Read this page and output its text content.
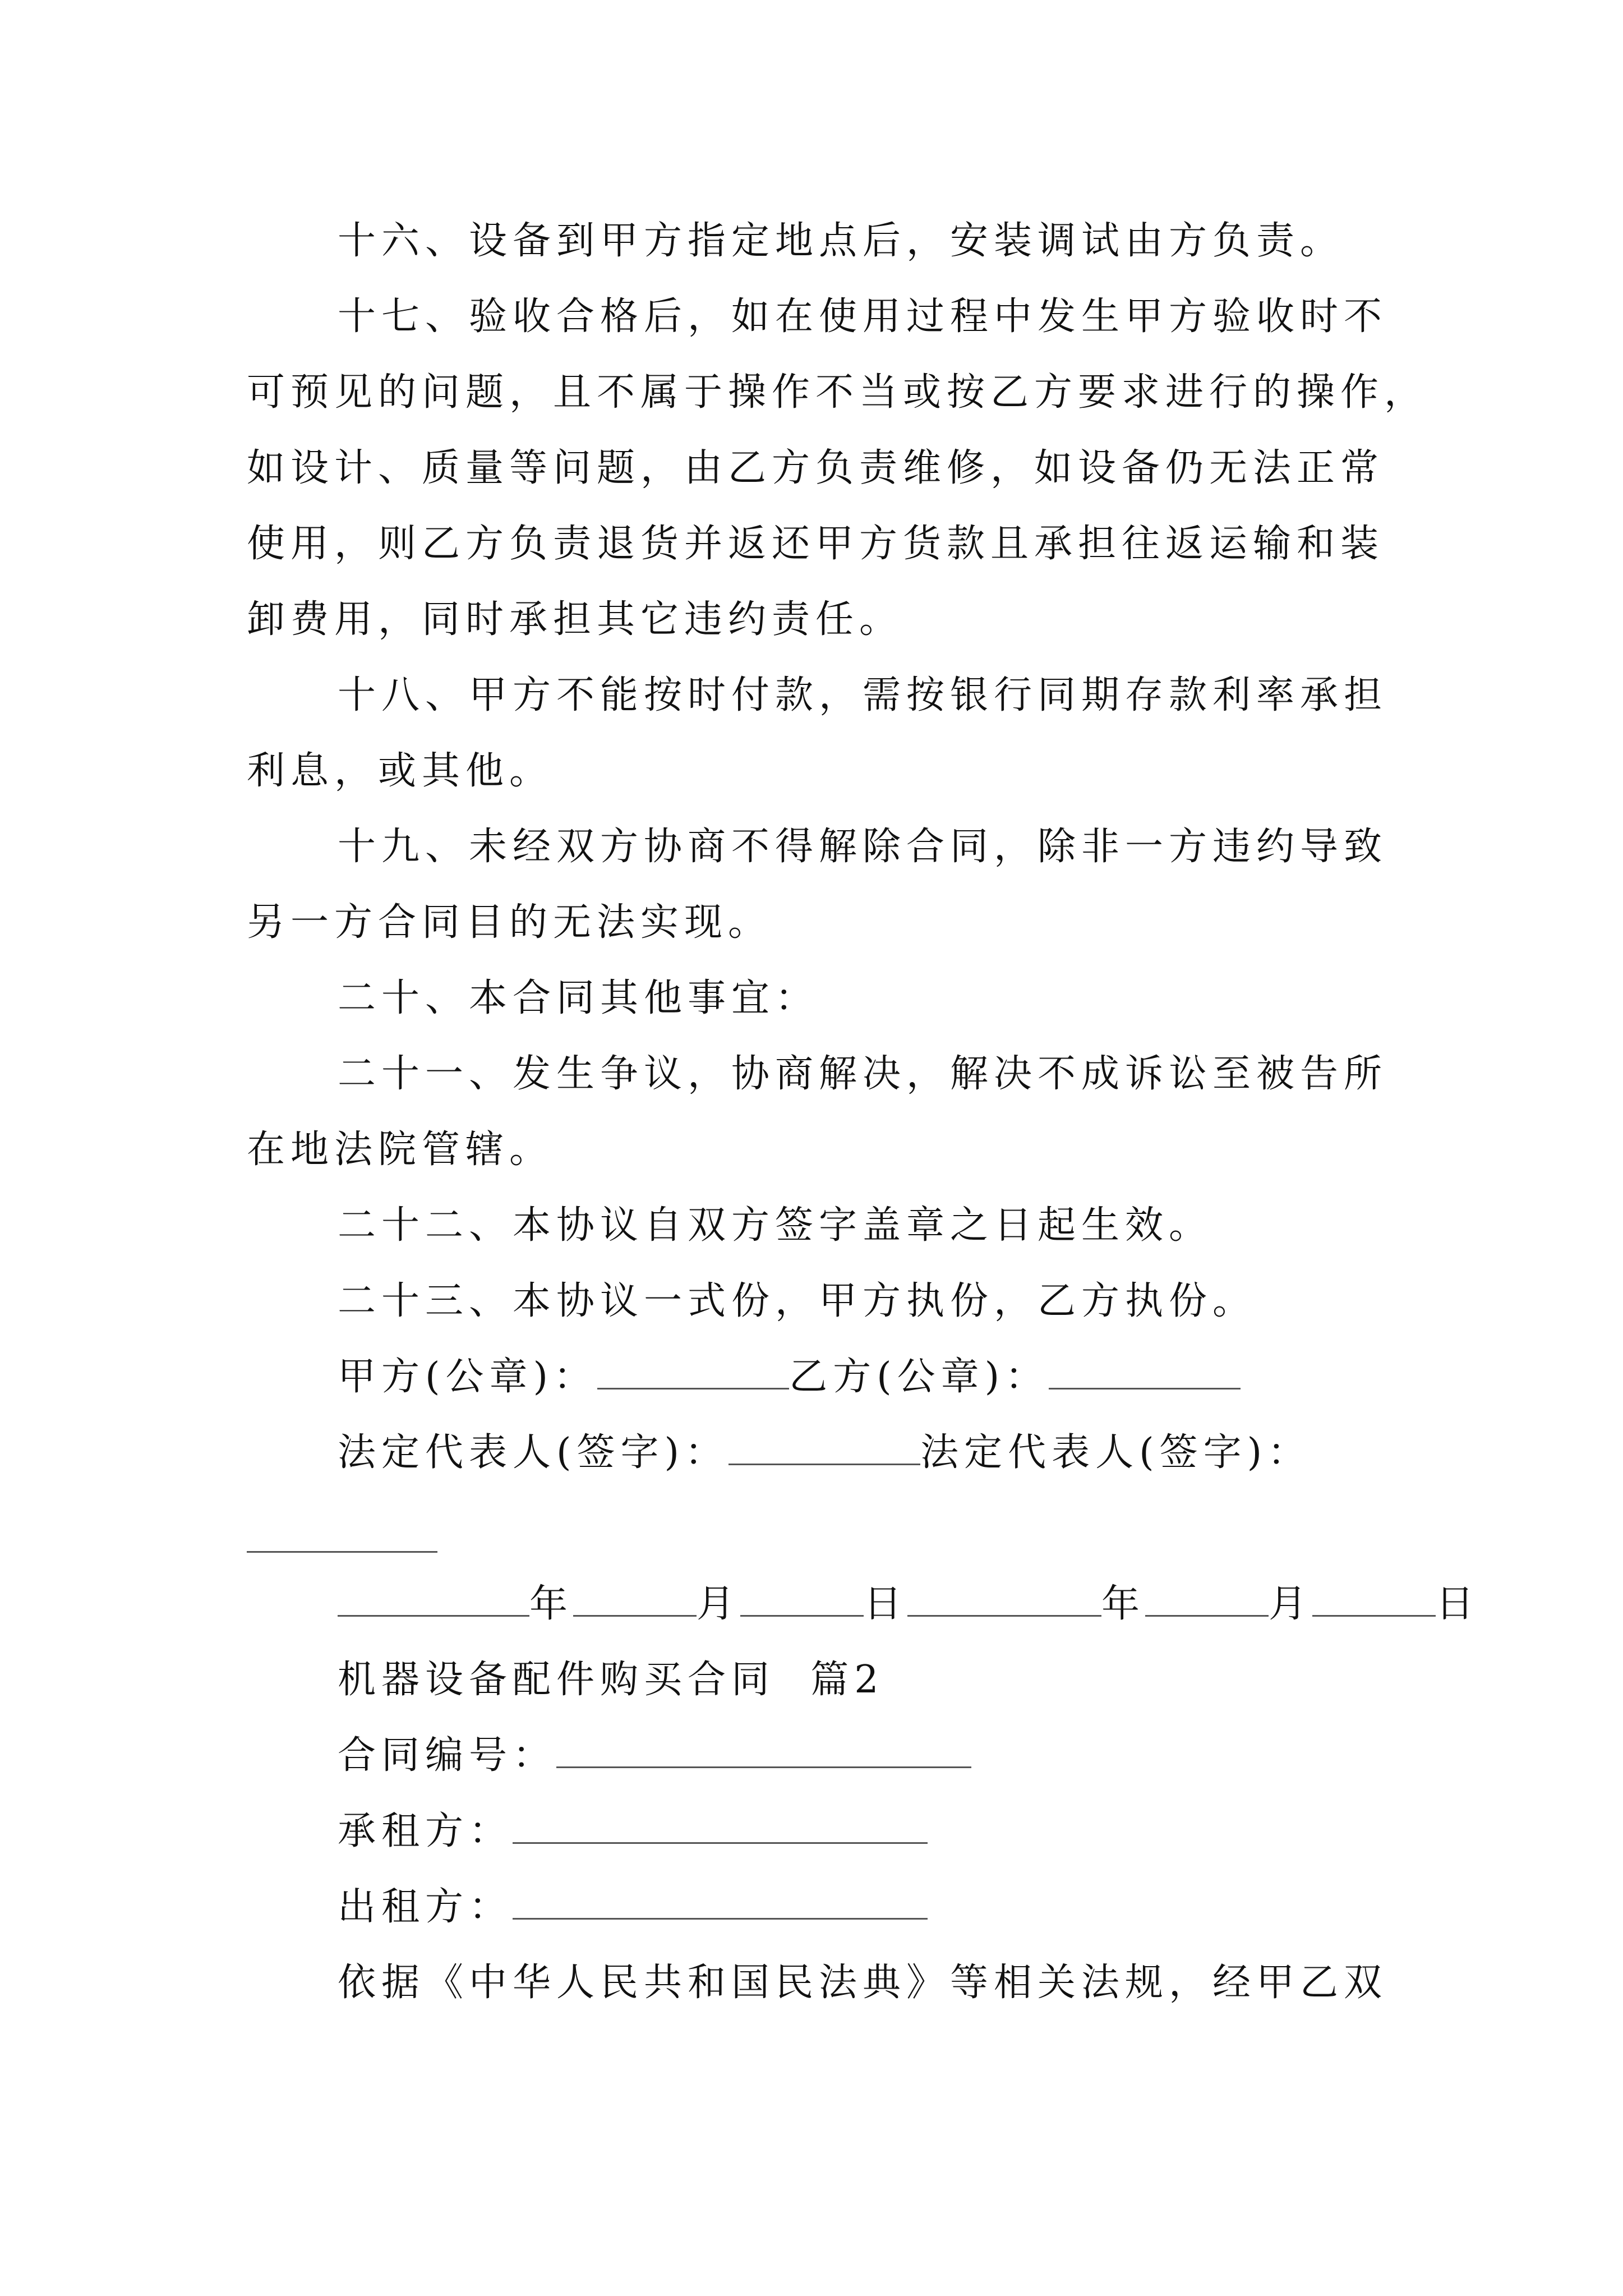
十六、设备到甲方指定地点后，安装调试由方负责。
十七、验收合格后，如在使用过程中发生甲方验收时不
可预见的问题，且不属于操作不当或按乙方要求进行的操作，
如设计、质量等问题，由乙方负责维修，如设备仍无法正常
使用，则乙方负责退货并返还甲方货款且承担往返运输和装
卸费用，同时承担其它违约责任。
十八、甲方不能按时付款，需按银行同期存款利率承担
利息，或其他。
十九、未经双方协商不得解除合同，除非一方违约导致
另一方合同目的无法实现。
二十、本合同其他事宜：
二十一、发生争议，协商解决，解决不成诉讼至被告所
在地法院管辖。
二十二、本协议自双方签字盖章之日起生效。
二十三、本协议一式份，甲方执份，乙方执份。
甲方(公章)：	乙方(公章)：
法定代表人(签字)：	法定代表人(签字)：
年	月	日	年	月	日
机器设备配件购买合同  篇2
合同编号：
承租方：
出租方：
依据《中华人民共和国民法典》等相关法规，经甲乙双
